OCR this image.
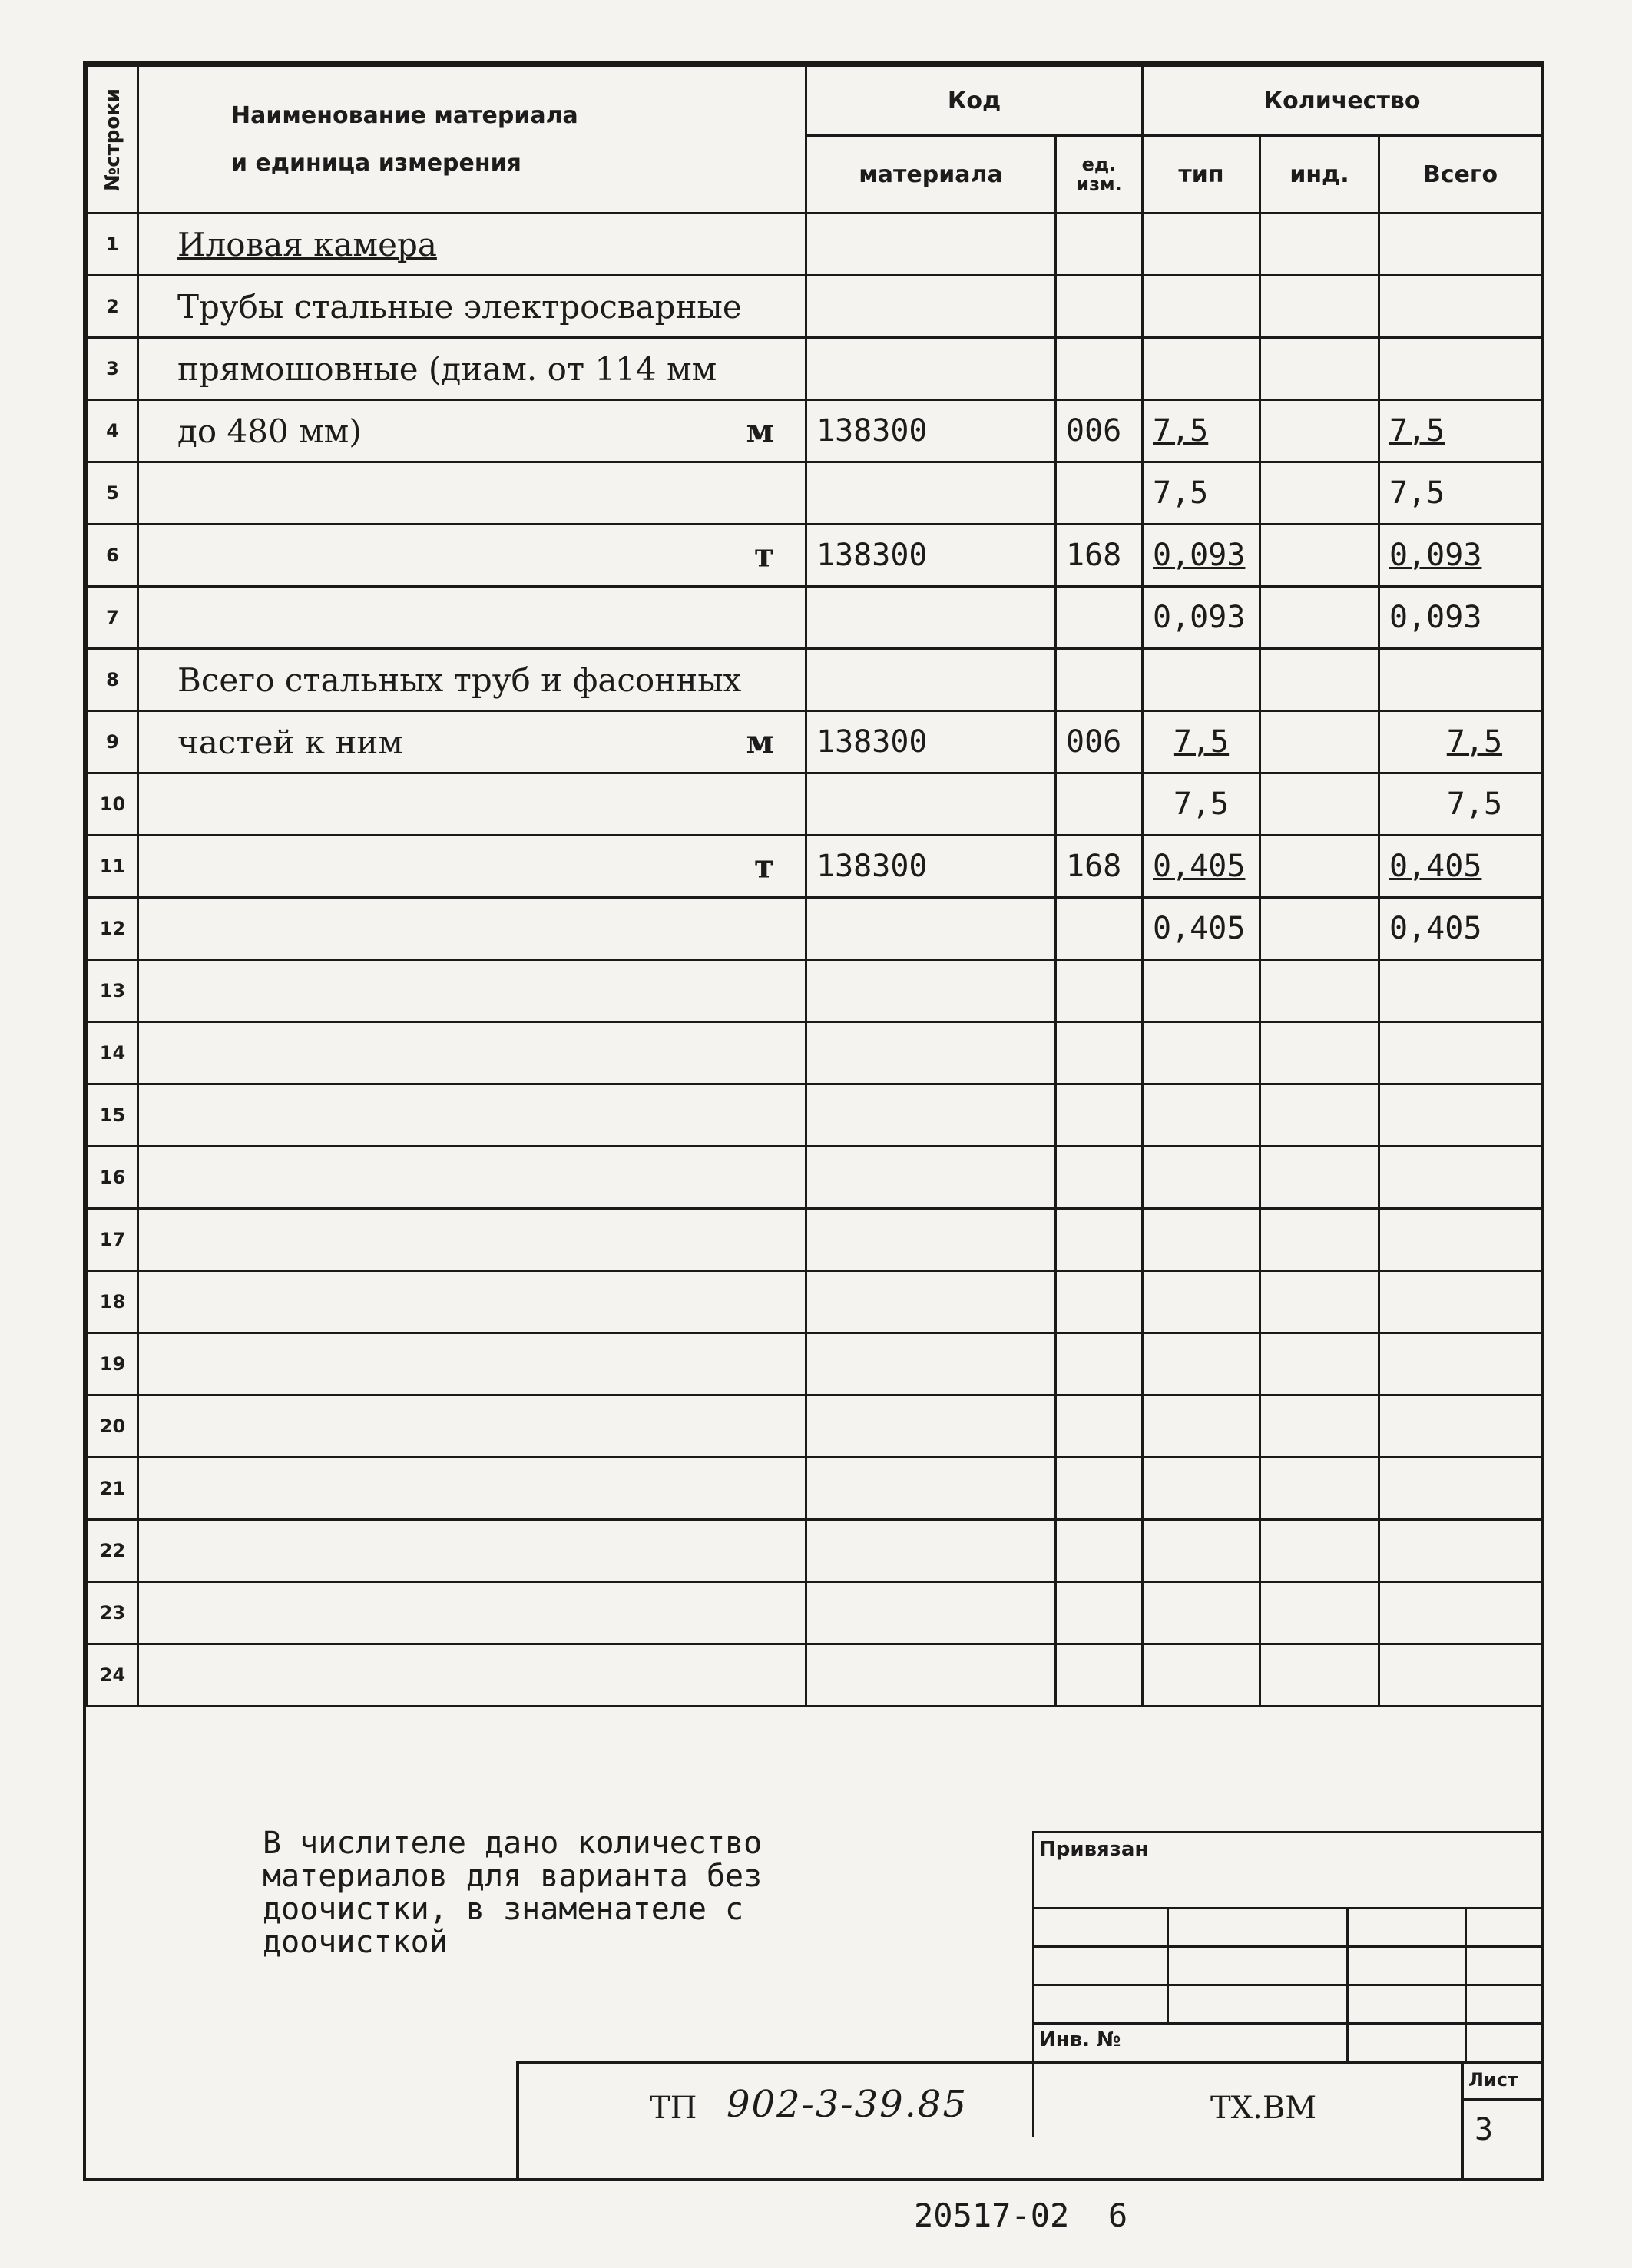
№строки	Наименование материала
и единица измерения	Код		Количество		
		материала	ед. изм.	тип	инд.	Всего
1	Иловая камера

2	Трубы стальные электросварные

3	прямошовные (диам. от 114 мм

4	до 480 мм) м	138300	006	7,5		7,5
5				7,5		7,5
6	т	138300	168	0,093		0,093
7				0,093		0,093
8	Всего стальных труб и фасонных

9	частей к ним м	138300	006	7,5		7,5
10				7,5		7,5
11	т	138300	168	0,405		0,405
12				0,405		0,405
13	

14	

15	

16	

17	

18	

19	

20	

21	

22	

23	

24	

В числителе дано количество
материалов для варианта без
доочистки, в знаменателе с
доочисткой
Привязан
Инв. №
ТП 902-3-39.85	ТХ.ВМ
Лист
3
20517-02  6
